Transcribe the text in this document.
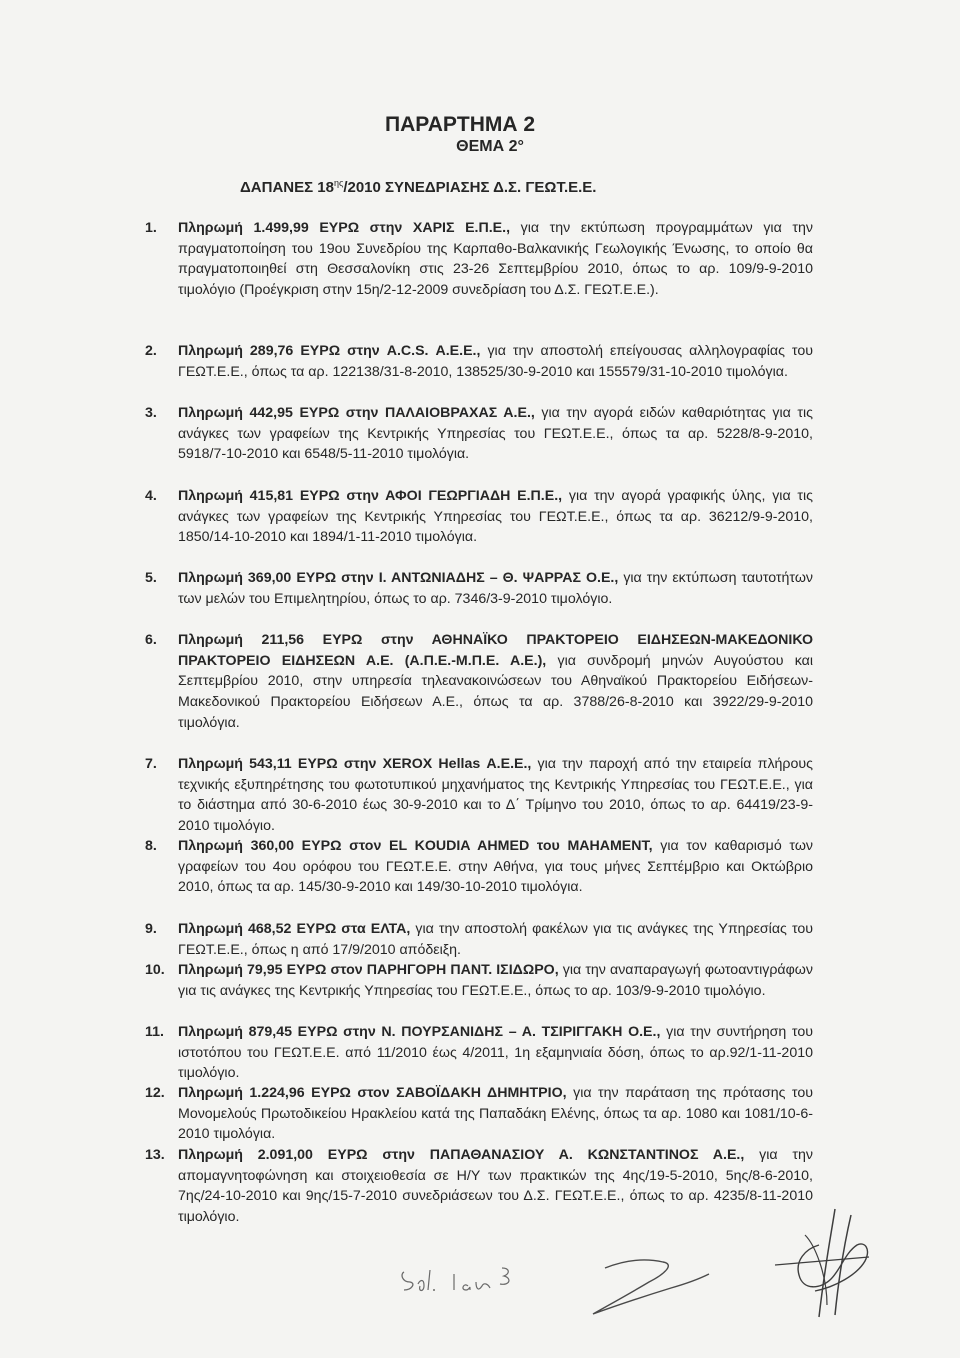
ΠΑΡΑΡΤΗΜΑ 2
ΘΕΜΑ 2°
ΔΑΠΑΝΕΣ $18^{\eta\varsigma}/2010$ ΣΥΝΕΔΡΙΑΣΗΣ Δ.Σ. ΓΕΩΤ.Ε.Ε.
1. Πληρωμή 1.499,99 ΕΥΡΩ στην ΧΑΡΙΣ Ε.Π.Ε., για την εκτύπωση προγραμμάτων για την πραγματοποίηση του 19ου Συνεδρίου της Καρπαθο-Βαλκανικής Γεωλογικής Ένωσης, το οποίο θα πραγματοποιηθεί στη Θεσσαλονίκη στις 23-26 Σεπτεμβρίου 2010, όπως το αρ. 109/9-9-2010 τιμολόγιο (Προέγκριση στην 15η/2-12-2009 συνεδρίαση του Δ.Σ. ΓΕΩΤ.Ε.Ε.).
2. Πληρωμή 289,76 ΕΥΡΩ στην A.C.S. Α.Ε.Ε., για την αποστολή επείγουσας αλληλογραφίας του ΓΕΩΤ.Ε.Ε., όπως τα αρ. 122138/31-8-2010, 138525/30-9-2010 και 155579/31-10-2010 τιμολόγια.
3. Πληρωμή 442,95 ΕΥΡΩ στην ΠΑΛΑΙΟΒΡΑΧΑΣ Α.Ε., για την αγορά ειδών καθαριότητας για τις ανάγκες των γραφείων της Κεντρικής Υπηρεσίας του ΓΕΩΤ.Ε.Ε., όπως τα αρ. 5228/8-9-2010, 5918/7-10-2010 και 6548/5-11-2010 τιμολόγια.
4. Πληρωμή 415,81 ΕΥΡΩ στην ΑΦΟΙ ΓΕΩΡΓΙΑΔΗ Ε.Π.Ε., για την αγορά γραφικής ύλης, για τις ανάγκες των γραφείων της Κεντρικής Υπηρεσίας του ΓΕΩΤ.Ε.Ε., όπως τα αρ. 36212/9-9-2010, 1850/14-10-2010 και 1894/1-11-2010 τιμολόγια.
5. Πληρωμή 369,00 ΕΥΡΩ στην Ι. ΑΝΤΩΝΙΑΔΗΣ – Θ. ΨΑΡΡΑΣ Ο.Ε., για την εκτύπωση ταυτοτήτων των μελών του Επιμελητηρίου, όπως το αρ. 7346/3-9-2010 τιμολόγιο.
6. Πληρωμή 211,56 ΕΥΡΩ στην ΑΘΗΝΑΪΚΟ ΠΡΑΚΤΟΡΕΙΟ ΕΙΔΗΣΕΩΝ-ΜΑΚΕΔΟΝΙΚΟ ΠΡΑΚΤΟΡΕΙΟ ΕΙΔΗΣΕΩΝ Α.Ε. (Α.Π.Ε.-Μ.Π.Ε. Α.Ε.), για συνδρομή μηνών Αυγούστου και Σεπτεμβρίου 2010, στην υπηρεσία τηλεανακοινώσεων του Αθηναϊκού Πρακτορείου Ειδήσεων-Μακεδονικού Πρακτορείου Ειδήσεων Α.Ε., όπως τα αρ. 3788/26-8-2010 και 3922/29-9-2010 τιμολόγια.
7. Πληρωμή 543,11 ΕΥΡΩ στην XEROX Hellas Α.Ε.Ε., για την παροχή από την εταιρεία πλήρους τεχνικής εξυπηρέτησης του φωτοτυπικού μηχανήματος της Κεντρικής Υπηρεσίας του ΓΕΩΤ.Ε.Ε., για το διάστημα από 30-6-2010 έως 30-9-2010 και το Δ΄ Τρίμηνο του 2010, όπως το αρ. 64419/23-9-2010 τιμολόγιο.
8. Πληρωμή 360,00 ΕΥΡΩ στον EL KOUDIA AHMED του MAHAMENT, για τον καθαρισμό των γραφείων του 4ου ορόφου του ΓΕΩΤ.Ε.Ε. στην Αθήνα, για τους μήνες Σεπτέμβριο και Οκτώβριο 2010, όπως τα αρ. 145/30-9-2010 και 149/30-10-2010 τιμολόγια.
9. Πληρωμή 468,52 ΕΥΡΩ στα ΕΛΤΑ, για την αποστολή φακέλων για τις ανάγκες της Υπηρεσίας του ΓΕΩΤ.Ε.Ε., όπως η από 17/9/2010 απόδειξη.
10. Πληρωμή 79,95 ΕΥΡΩ στον ΠΑΡΗΓΟΡΗ ΠΑΝΤ. ΙΣΙΔΩΡΟ, για την αναπαραγωγή φωτοαντιγράφων για τις ανάγκες της Κεντρικής Υπηρεσίας του ΓΕΩΤ.Ε.Ε., όπως το αρ. 103/9-9-2010 τιμολόγιο.
11. Πληρωμή 879,45 ΕΥΡΩ στην Ν. ΠΟΥΡΣΑΝΙΔΗΣ – Α. ΤΣΙΡΙΓΓΑΚΗ Ο.Ε., για την συντήρηση του ιστοτόπου του ΓΕΩΤ.Ε.Ε. από 11/2010 έως 4/2011, 1η εξαμηνιαία δόση, όπως το αρ.92/1-11-2010 τιμολόγιο.
12. Πληρωμή 1.224,96 ΕΥΡΩ στον ΣΑΒΟΪΔΑΚΗ ΔΗΜΗΤΡΙΟ, για την παράταση της πρότασης του Μονομελούς Πρωτοδικείου Ηρακλείου κατά της Παπαδάκη Ελένης, όπως τα αρ. 1080 και 1081/10-6-2010 τιμολόγια.
13. Πληρωμή 2.091,00 ΕΥΡΩ στην ΠΑΠΑΘΑΝΑΣΙΟΥ Α. ΚΩΝΣΤΑΝΤΙΝΟΣ Α.Ε., για την απομαγνητοφώνηση και στοιχειοθεσία σε Η/Υ των πρακτικών της 4ης/19-5-2010, 5ης/8-6-2010, 7ης/24-10-2010 και 9ης/15-7-2010 συνεδριάσεων του Δ.Σ. ΓΕΩΤ.Ε.Ε., όπως το αρ. 4235/8-11-2010 τιμολόγιο.
